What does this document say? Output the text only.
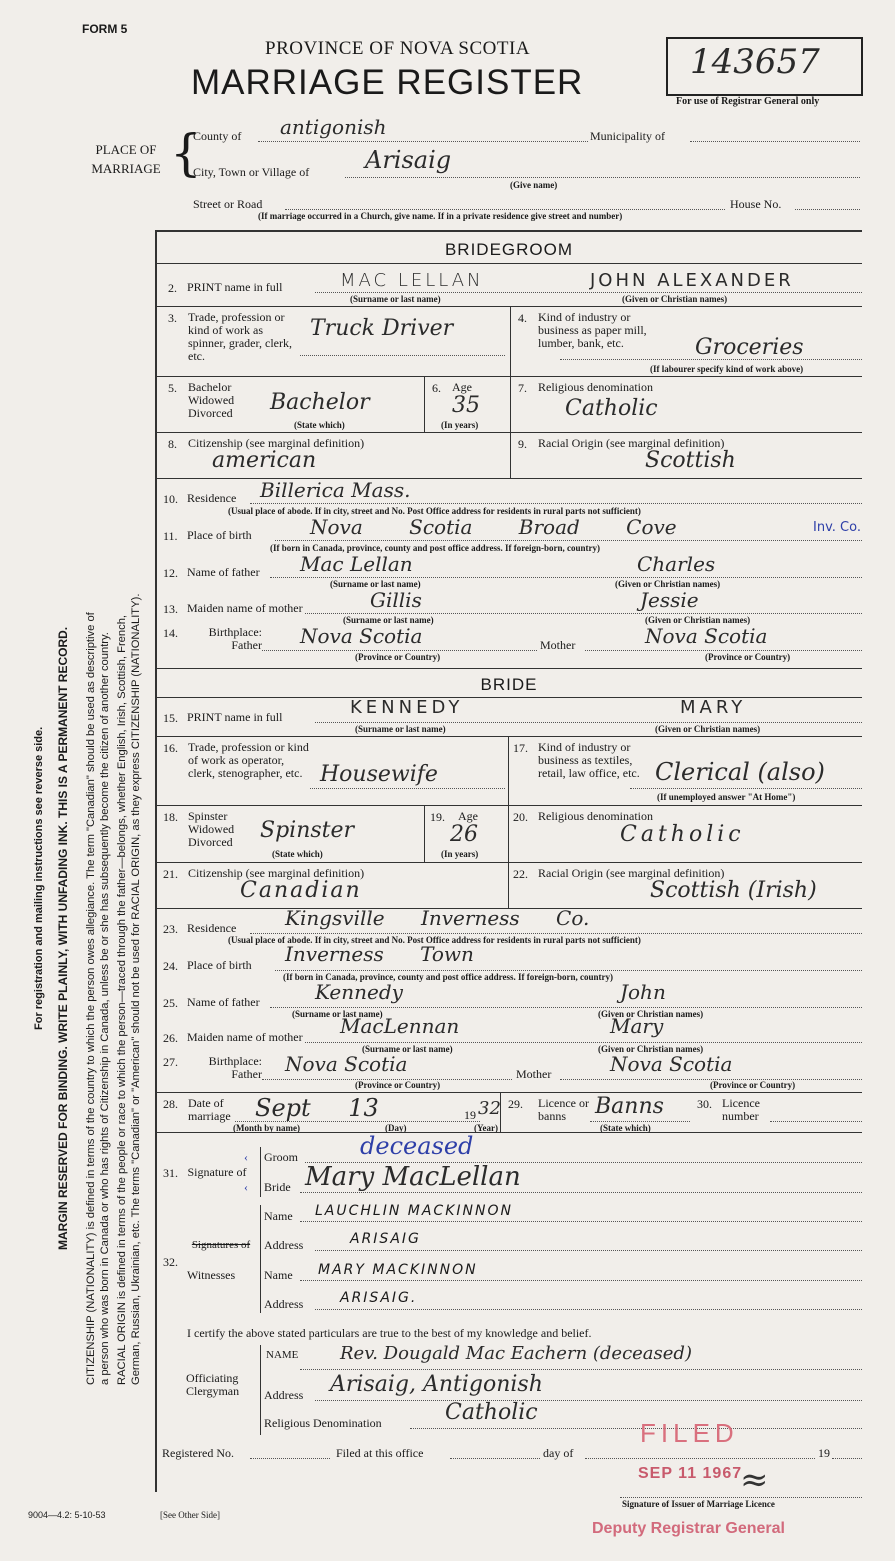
FORM 5
PROVINCE OF NOVA SCOTIA
MARRIAGE REGISTER
143657
For use of Registrar General only
PLACE OF MARRIAGE {
County of antigonish	Municipality of
City, Town or Village of Arisaig
(Give name)
Street or Road	House No.
(If marriage occurred in a Church, give name. If in a private residence give street and number)
MARGIN RESERVED FOR BINDING. WRITE PLAINLY, WITH UNFADING INK. THIS IS A PERMANENT RECORD.
For registration and mailing instructions see reverse side.	CITIZENSHIP (NATIONALITY) is defined in terms of the country to which the person owes allegiance. The term "Canadian" should be used as descriptive of a person who was born in Canada or who has rights of Citizenship in Canada, unless be or she has subsequently become the citizen of another country. RACIAL ORIGIN is defined in terms of the people or race to which the person—traced through the father—belongs, whether English, Irish, Scottish, French, German, Russian, Ukrainian, etc. The terms "Canadian" or "American" should not be used for RACIAL ORIGIN, as they express CITIZENSHIP (NATIONALITY).
BRIDEGROOM
2. PRINT name in full	MAC LELLAN	JOHN ALEXANDER
(Surname or last name)	(Given or Christian names)
3. Trade, profession or kind of work as spinner, grader, clerk, etc.
Truck Driver	4. Kind of industry or business as paper mill, lumber, bank, etc.	Groceries
(If labourer specify kind of work above)
5. Bachelor Widowed Divorced	Bachelor
(State which)
6. Age
35
(In years)
7. Religious denomination
Catholic
8. Citizenship (see marginal definition)
american
9. Racial Origin (see marginal definition)
Scottish
10. Residence Billerica Mass.
(Usual place of abode. If in city, street and No. Post Office address for residents in rural parts not sufficient)
11. Place of birth	Nova Scotia Broad Cove	Inv. Co.
(If born in Canada, province, county and post office address. If foreign-born, country)
12. Name of father Mac Lellan	Charles
(Surname or last name)	(Given or Christian names)
13. Maiden name of mother	Gillis	Jessie
(Surname or last name)	(Given or Christian names)
14.	Birthplace: Father Nova Scotia	Mother	Nova Scotia
(Province or Country)	(Province or Country)
BRIDE
15. PRINT name in full	KENNEDY	MARY
(Surname or last name)	(Given or Christian names)
16. Trade, profession or kind of work as operator, clerk, stenographer, etc. Housewife
17. Kind of industry or business as textiles, retail, law office, etc. Clerical (also)
(If unemployed answer "At Home")
18. Spinster Widowed Divorced	Spinster
(State which)
19. Age
26
(In years)
20. Religious denomination
Catholic
21. Citizenship (see marginal definition)
Canadian
22. Racial Origin (see marginal definition)
Scottish (Irish)
23. Residence Kingsville Inverness Co.
(Usual place of abode. If in city, street and No. Post Office address for residents in rural parts not sufficient)
24. Place of birth Inverness Town
(If born in Canada, province, county and post office address. If foreign-born, country)
25. Name of father	Kennedy	John
(Surname or last name)	(Given or Christian names)
26. Maiden name of mother MacLennan	Mary
(Surname or last name)	(Given or Christian names)
27.	Birthplace: Father Nova Scotia	Mother	Nova Scotia
(Province or Country)	(Province or Country)
28. Date of marriage	Sept 13	19 32
(Month by name)	(Day)	(Year)
29. Licence or banns	Banns
(State which)
30. Licence number
31. Signature of
‹
‹
Groom	deceased
Bride Mary MacLellan
32.
Signatures of
Witnesses
Name LAUCHLIN MACKINNON
Address	ARISAIG
Name MARY MACKINNON
Address	ARISAIG.
I certify the above stated particulars are true to the best of my knowledge and belief.
Officiating Clergyman
NAME Rev. Dougald Mac Eachern (deceased)
Address Arisaig, Antigonish
Religious Denomination	Catholic
Registered No.	Filed at this office	day of	19
FILED
SEP 11 1967
≈
Signature of Issuer of Marriage Licence
Deputy Registrar General
9004—4.2: 5-10-53	[See Other Side]
